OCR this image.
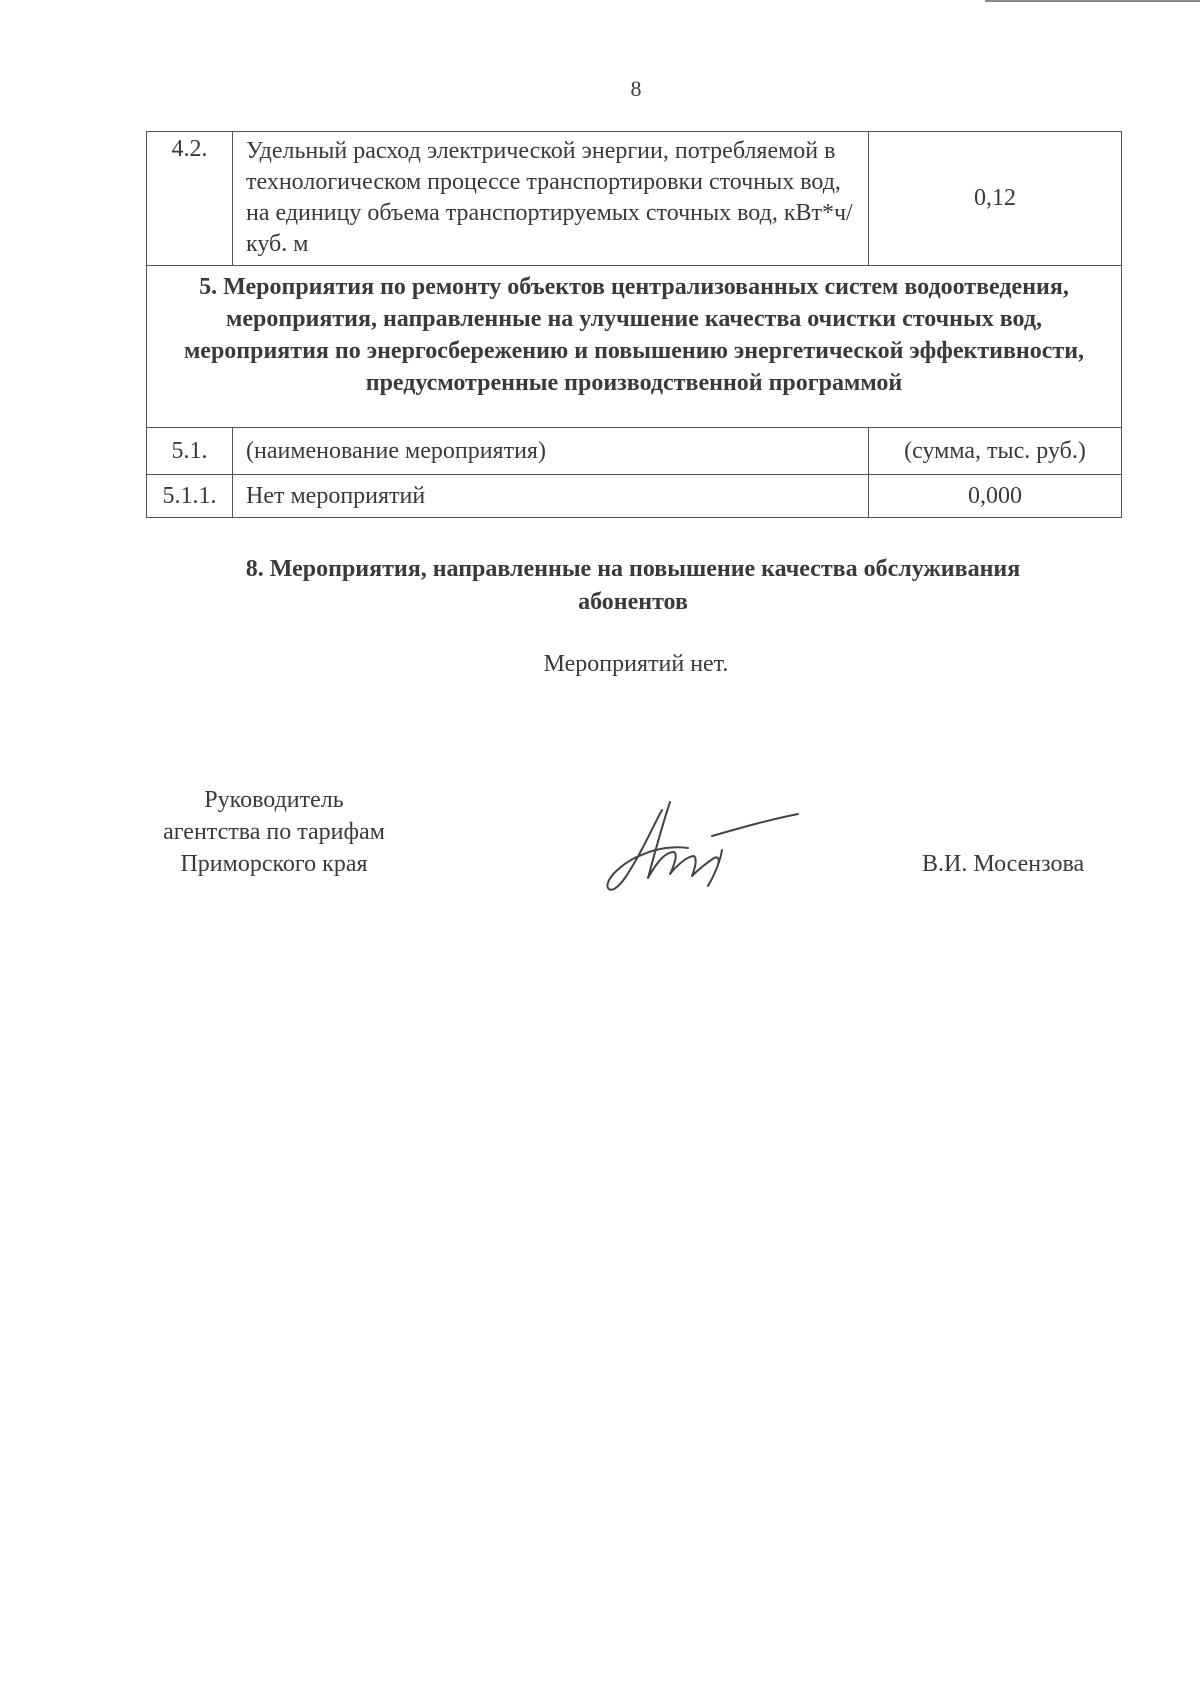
8
4.2.	Удельный расход электрической энергии, потребляемой в технологическом процессе транспортировки сточных вод, на единицу объема транспортируемых сточных вод, кВт*ч/куб. м	0,12
5. Мероприятия по ремонту объектов централизованных систем водоотведения, мероприятия, направленные на улучшение качества очистки сточных вод, мероприятия по энергосбережению и повышению энергетической эффективности, предусмотренные производственной программой		
5.1.	(наименование мероприятия)	(сумма, тыс. руб.)
5.1.1.	Нет мероприятий	0,000
8. Мероприятия, направленные на повышение качества обслуживания абонентов
Мероприятий нет.
Руководитель
агентства по тарифам
Приморского края	В.И. Мосензова
